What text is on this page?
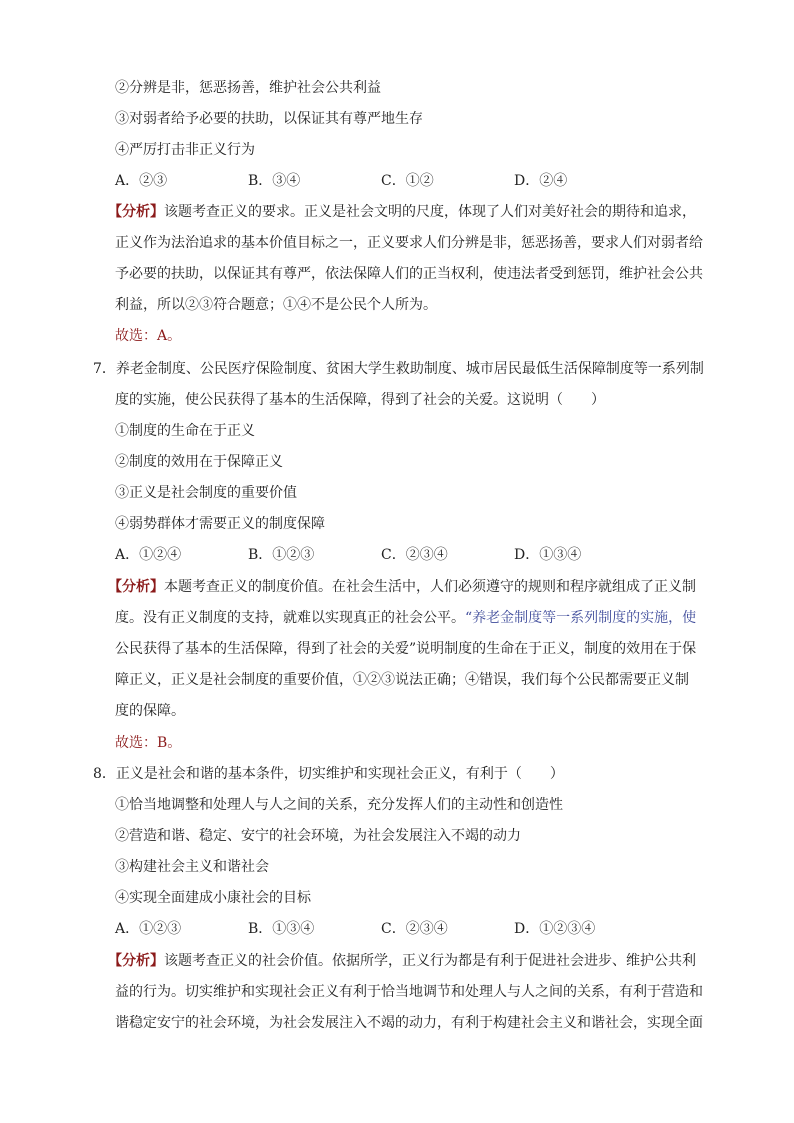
②分辨是非，惩恶扬善，维护社会公共利益
③对弱者给予必要的扶助，以保证其有尊严地生存
④严厉打击非正义行为
A．②③	B．③④	C．①②	D．②④
【分析】该题考查正义的要求。正义是社会文明的尺度，体现了人们对美好社会的期待和追求，
正义作为法治追求的基本价值目标之一，正义要求人们分辨是非，惩恶扬善，要求人们对弱者给
予必要的扶助，以保证其有尊严，依法保障人们的正当权利，使违法者受到惩罚，维护社会公共
利益，所以②③符合题意；①④不是公民个人所为。
故选：A。
7．养老金制度、公民医疗保险制度、贫困大学生救助制度、城市居民最低生活保障制度等一系列制
度的实施，使公民获得了基本的生活保障，得到了社会的关爱。这说明（　　）
①制度的生命在于正义
②制度的效用在于保障正义
③正义是社会制度的重要价值
④弱势群体才需要正义的制度保障
A．①②④	B．①②③	C．②③④	D．①③④
【分析】本题考查正义的制度价值。在社会生活中，人们必须遵守的规则和程序就组成了正义制
度。没有正义制度的支持，就难以实现真正的社会公平。“养老金制度等一系列制度的实施，使
公民获得了基本的生活保障，得到了社会的关爱”说明制度的生命在于正义，制度的效用在于保
障正义，正义是社会制度的重要价值，①②③说法正确；④错误，我们每个公民都需要正义制
度的保障。
故选：B。
8．正义是社会和谐的基本条件，切实维护和实现社会正义，有利于（　　）
①恰当地调整和处理人与人之间的关系，充分发挥人们的主动性和创造性
②营造和谐、稳定、安宁的社会环境，为社会发展注入不竭的动力
③构建社会主义和谐社会
④实现全面建成小康社会的目标
A．①②③	B．①③④	C．②③④	D．①②③④
【分析】该题考查正义的社会价值。依据所学，正义行为都是有利于促进社会进步、维护公共利
益的行为。切实维护和实现社会正义有利于恰当地调节和处理人与人之间的关系，有利于营造和
谐稳定安宁的社会环境，为社会发展注入不竭的动力，有利于构建社会主义和谐社会，实现全面
